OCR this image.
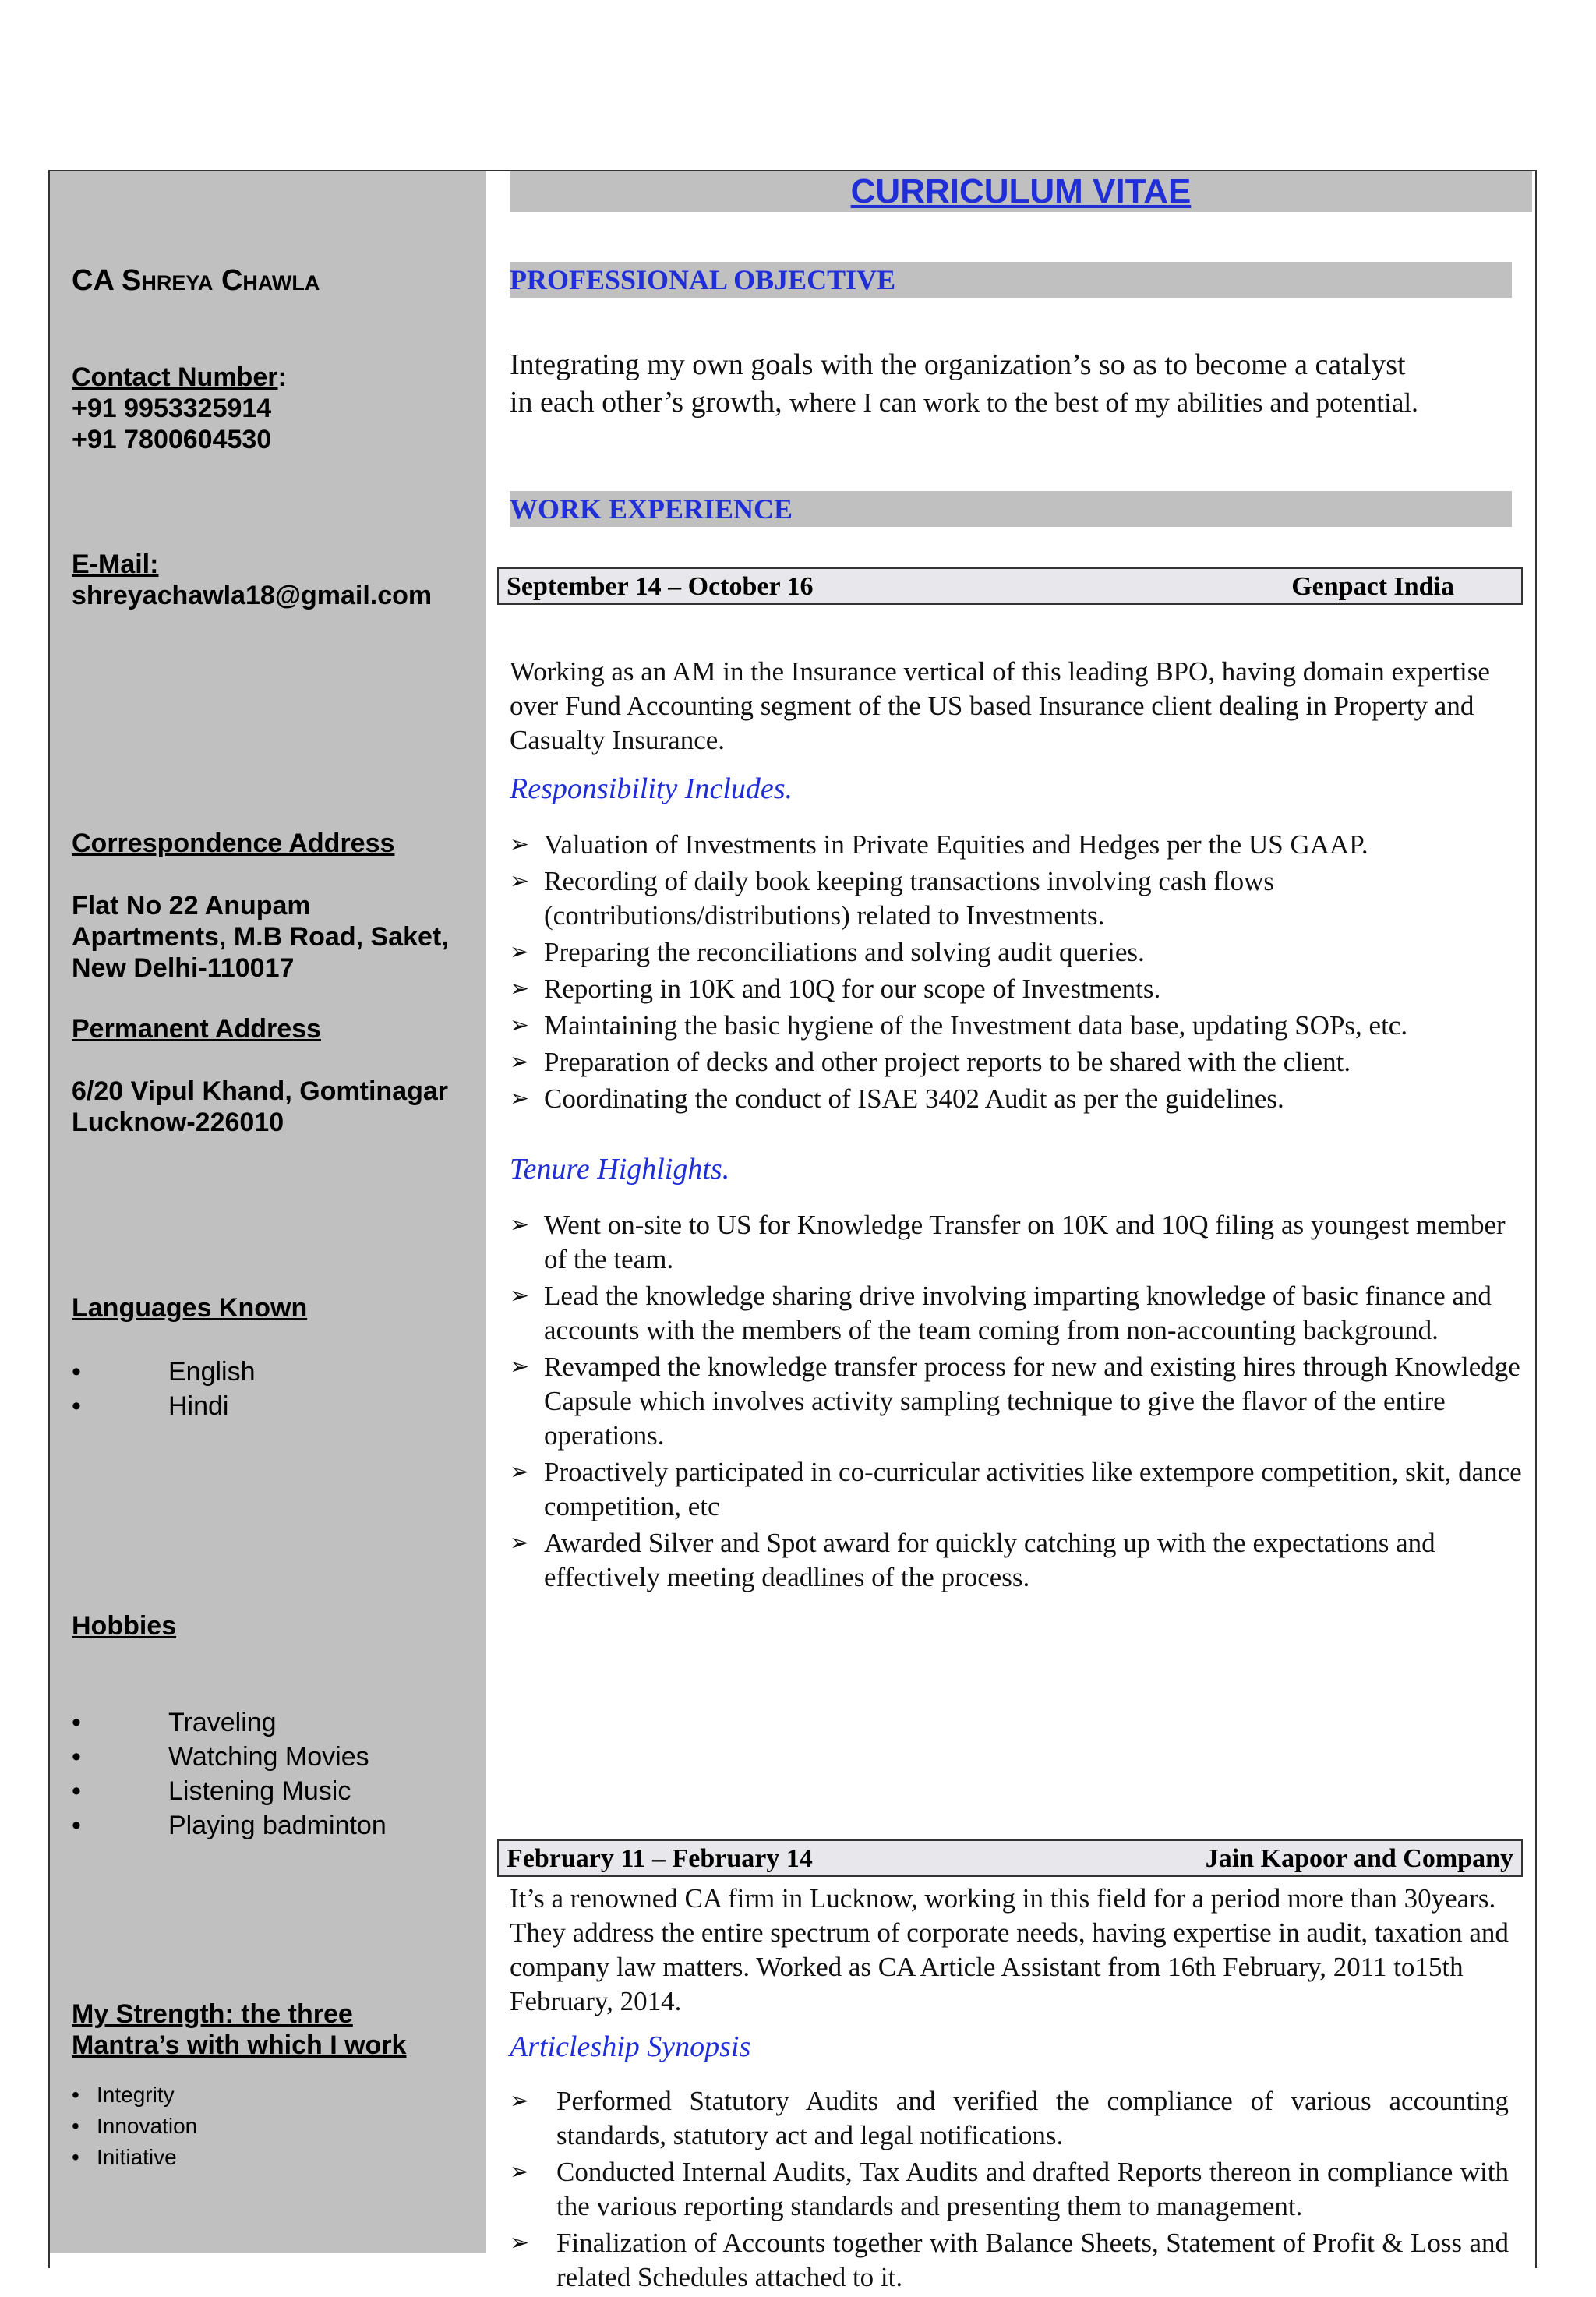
CA Shreya Chawla
Contact Number:
+91 9953325914
+91 7800604530
E-Mail:
shreyachawla18@gmail.com
Correspondence Address
Flat No 22 Anupam
Apartments, M.B Road, Saket,
New Delhi-110017
Permanent Address
6/20 Vipul Khand, Gomtinagar
Lucknow-226010
Languages Known
•	English
•	Hindi
Hobbies
•	Traveling
•	Watching Movies
•	Listening Music
•	Playing badminton
My Strength: the three
Mantra’s with which I work
• Integrity
• Innovation
• Initiative
CURRICULUM VITAE
PROFESSIONAL OBJECTIVE
Integrating my own goals with the organization’s so as to become a catalyst
in each other’s growth, where I can work to the best of my abilities and potential.
WORK EXPERIENCE
September 14 – October 16	Genpact India
Working as an AM in the Insurance vertical of this leading BPO, having domain expertise over Fund Accounting segment of the US based Insurance client dealing in Property and Casualty Insurance.
Responsibility Includes.
➢ Valuation of Investments in Private Equities and Hedges per the US GAAP.
➢ Recording of daily book keeping transactions involving cash flows (contributions/distributions) related to Investments.
➢ Preparing the reconciliations and solving audit queries.
➢ Reporting in 10K and 10Q for our scope of Investments.
➢ Maintaining the basic hygiene of the Investment data base, updating SOPs, etc.
➢ Preparation of decks and other project reports to be shared with the client.
➢ Coordinating the conduct of ISAE 3402 Audit as per the guidelines.
Tenure Highlights.
➢ Went on-site to US for Knowledge Transfer on 10K and 10Q filing as youngest member of the team.
➢ Lead the knowledge sharing drive involving imparting knowledge of basic finance and accounts with the members of the team coming from non-accounting background.
➢ Revamped the knowledge transfer process for new and existing hires through Knowledge Capsule which involves activity sampling technique to give the flavor of the entire operations.
➢ Proactively participated in co-curricular activities like extempore competition, skit, dance competition, etc
➢ Awarded Silver and Spot award for quickly catching up with the expectations and effectively meeting deadlines of the process.
February 11 – February 14	Jain Kapoor and Company
It’s a renowned CA firm in Lucknow, working in this field for a period more than 30years. They address the entire spectrum of corporate needs, having expertise in audit, taxation and company law matters. Worked as CA Article Assistant from 16th February, 2011 to15th February, 2014.
Articleship Synopsis
➢ Performed Statutory Audits and verified the compliance of various accounting standards, statutory act and legal notifications.
➢ Conducted Internal Audits, Tax Audits and drafted Reports thereon in compliance with the various reporting standards and presenting them to management.
➢ Finalization of Accounts together with Balance Sheets, Statement of Profit & Loss and related Schedules attached to it.
